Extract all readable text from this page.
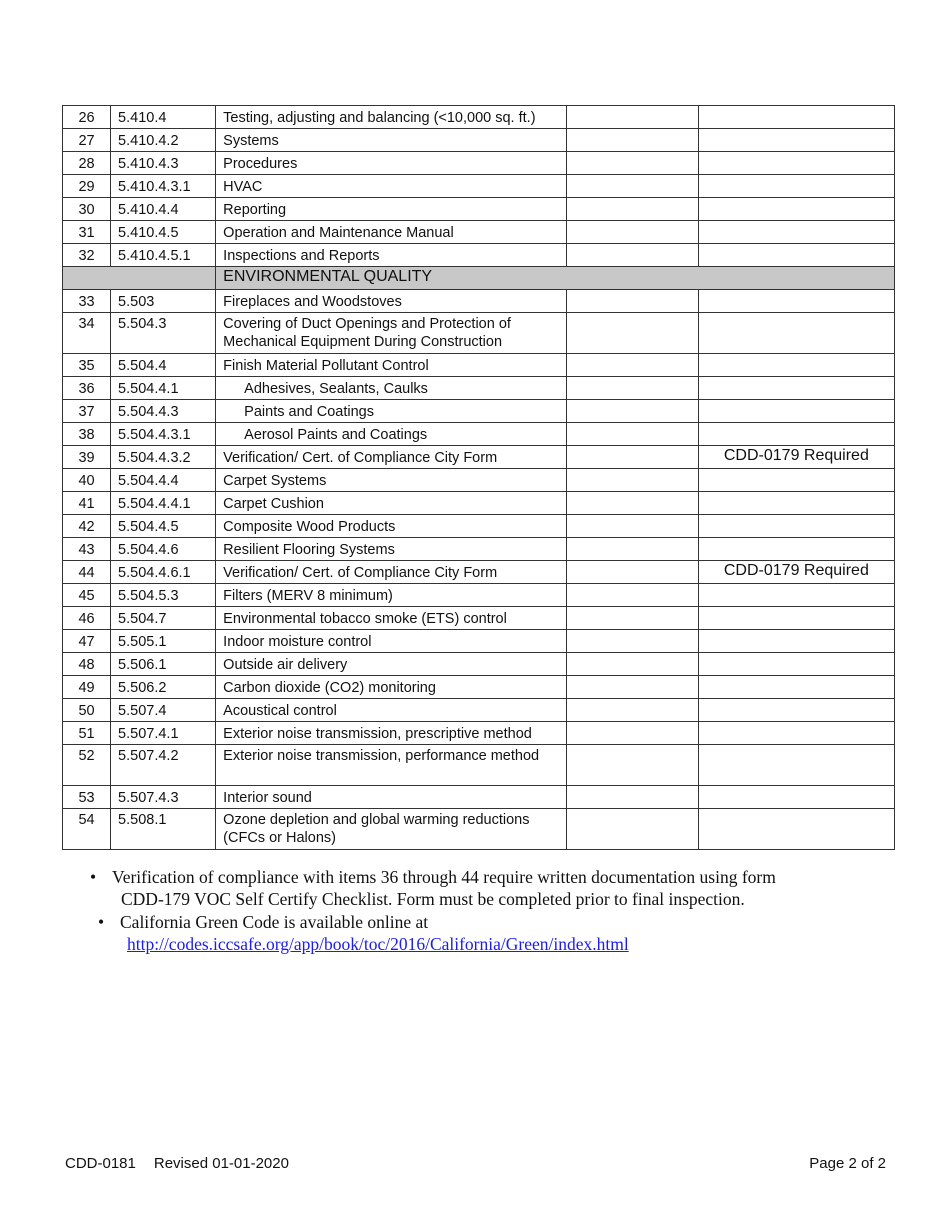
26	5.410.4	Testing, adjusting and balancing (<10,000 sq. ft.)		
27	5.410.4.2	Systems		
28	5.410.4.3	Procedures		
29	5.410.4.3.1	HVAC		
30	5.410.4.4	Reporting		
31	5.410.4.5	Operation and Maintenance Manual		
32	5.410.4.5.1	Inspections and Reports		
		ENVIRONMENTAL QUALITY		
33	5.503	Fireplaces and Woodstoves		
34	5.504.3	Covering of Duct Openings and Protection of Mechanical Equipment During Construction		
35	5.504.4	Finish Material Pollutant Control		
36	5.504.4.1	Adhesives, Sealants, Caulks		
37	5.504.4.3	Paints and Coatings		
38	5.504.4.3.1	Aerosol Paints and Coatings		
39	5.504.4.3.2	Verification/ Cert. of Compliance City Form		CDD-0179 Required
40	5.504.4.4	Carpet Systems		
41	5.504.4.4.1	Carpet Cushion		
42	5.504.4.5	Composite Wood Products		
43	5.504.4.6	Resilient Flooring Systems		
44	5.504.4.6.1	Verification/ Cert. of Compliance City Form		CDD-0179 Required
45	5.504.5.3	Filters (MERV 8 minimum)		
46	5.504.7	Environmental tobacco smoke (ETS) control		
47	5.505.1	Indoor moisture control		
48	5.506.1	Outside air delivery		
49	5.506.2	Carbon dioxide (CO2) monitoring		
50	5.507.4	Acoustical control		
51	5.507.4.1	Exterior noise transmission, prescriptive method		
52	5.507.4.2	Exterior noise transmission, performance method		
53	5.507.4.3	Interior sound		
54	5.508.1	Ozone depletion and global warming reductions (CFCs or Halons)		
• Verification of compliance with items 36 through 44 require written documentation using form
CDD-179 VOC Self Certify Checklist. Form must be completed prior to final inspection.
• California Green Code is available online at
http://codes.iccsafe.org/app/book/toc/2016/California/Green/index.html
CDD-0181 Revised 01-01-2020	Page 2 of 2
